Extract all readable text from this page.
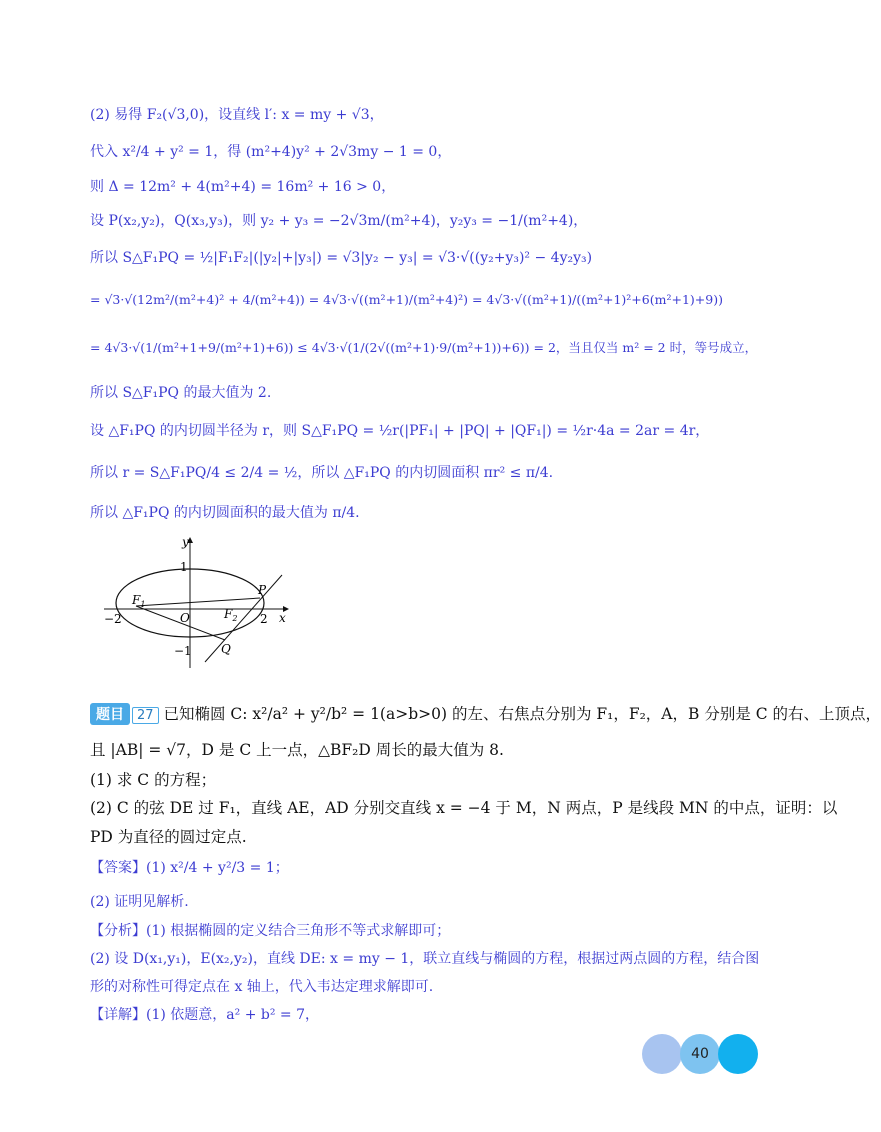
(2) 易得 F₂(√3,0)，设直线 l′: x = my + √3，
代入 x²/4 + y² = 1，得 (m²+4)y² + 2√3my − 1 = 0，
则 Δ = 12m² + 4(m²+4) = 16m² + 16 > 0，
设 P(x₂,y₂)，Q(x₃,y₃)，则 y₂ + y₃ = −2√3m/(m²+4)，y₂y₃ = −1/(m²+4)，
所以 S△F₁PQ = ½|F₁F₂|(|y₂|+|y₃|) = √3|y₂ − y₃| = √3·√((y₂+y₃)² − 4y₂y₃)
= √3·√(12m²/(m²+4)² + 4/(m²+4)) = 4√3·√((m²+1)/(m²+4)²) = 4√3·√((m²+1)/((m²+1)²+6(m²+1)+9))
= 4√3·√(1/(m²+1+9/(m²+1)+6)) ≤ 4√3·√(1/(2√((m²+1)·9/(m²+1))+6)) = 2，当且仅当 m² = 2 时，等号成立，
所以 S△F₁PQ 的最大值为 2.
设 △F₁PQ 的内切圆半径为 r，则 S△F₁PQ = ½r(|PF₁| + |PQ| + |QF₁|) = ½r·4a = 2ar = 4r，
所以 r = S△F₁PQ/4 ≤ 2/4 = ½，所以 △F₁PQ 的内切圆面积 πr² ≤ π/4.
所以 △F₁PQ 的内切圆面积的最大值为 π/4.
y
x
1
−1
2
−2	O
$F_1$
$F_2$
P
Q
题目 27 已知椭圆 C: x²/a² + y²/b² = 1(a>b>0) 的左、右焦点分别为 F₁，F₂，A，B 分别是 C 的右、上顶点，
且 |AB| = √7，D 是 C 上一点，△BF₂D 周长的最大值为 8.
(1) 求 C 的方程；
(2) C 的弦 DE 过 F₁，直线 AE，AD 分别交直线 x = −4 于 M，N 两点，P 是线段 MN 的中点，证明：以
PD 为直径的圆过定点.
【答案】(1) x²/4 + y²/3 = 1；
(2) 证明见解析.
【分析】(1) 根据椭圆的定义结合三角形不等式求解即可；
(2) 设 D(x₁,y₁)，E(x₂,y₂)，直线 DE: x = my − 1，联立直线与椭圆的方程，根据过两点圆的方程，结合图
形的对称性可得定点在 x 轴上，代入韦达定理求解即可.
【详解】(1) 依题意，a² + b² = 7，
40
